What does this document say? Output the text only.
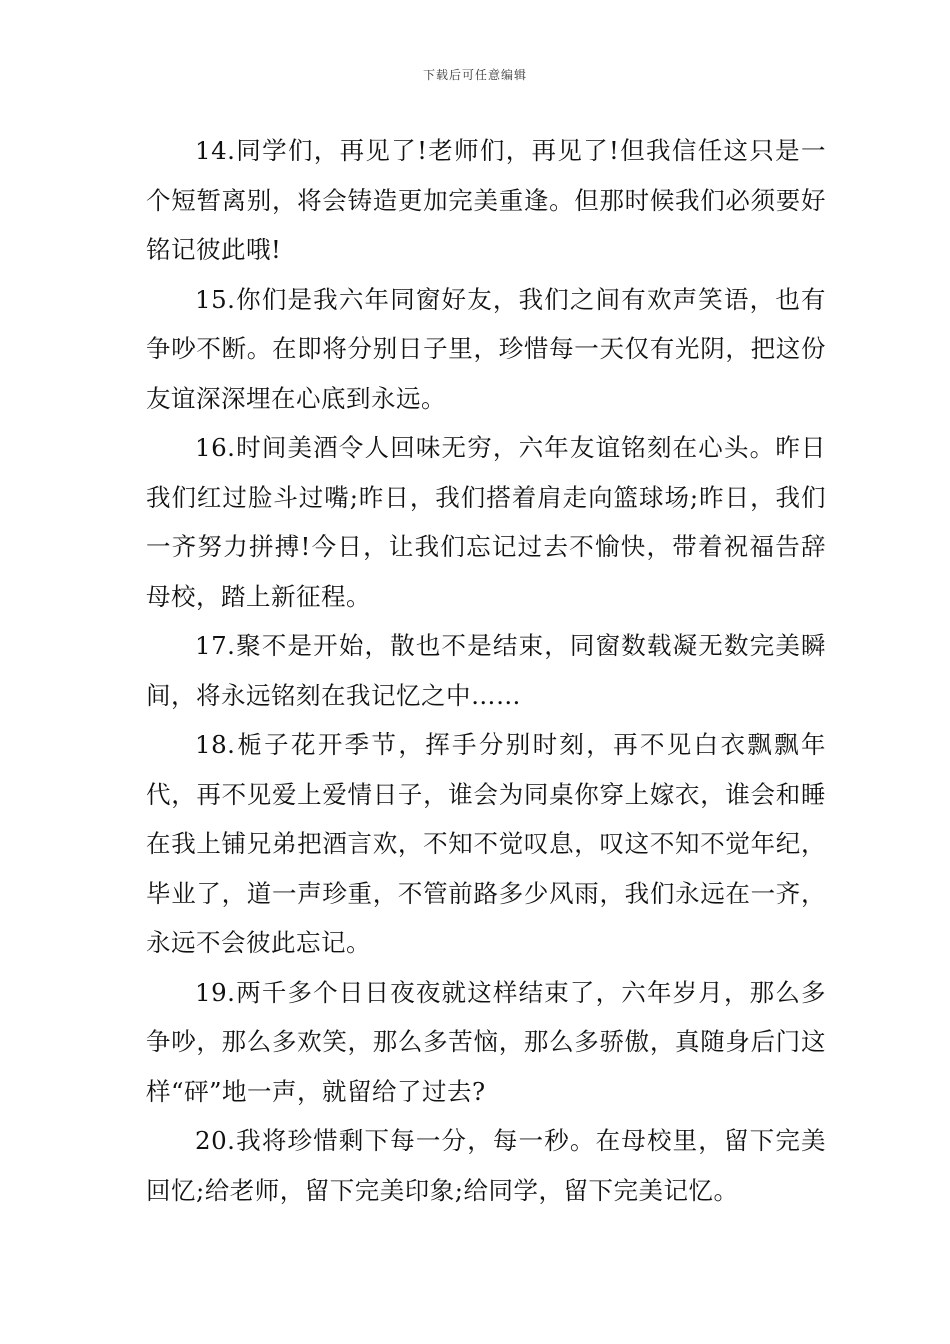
下载后可任意编辑

14.同学们，再见了!老师们，再见了!但我信任这只是一个短暂离别，将会铸造更加完美重逢。但那时候我们必须要好铭记彼此哦!

15.你们是我六年同窗好友，我们之间有欢声笑语，也有争吵不断。在即将分别日子里，珍惜每一天仅有光阴，把这份友谊深深埋在心底到永远。

16.时间美酒令人回味无穷，六年友谊铭刻在心头。昨日我们红过脸斗过嘴;昨日，我们搭着肩走向篮球场;昨日，我们一齐努力拼搏!今日，让我们忘记过去不愉快，带着祝福告辞母校，踏上新征程。

17.聚不是开始，散也不是结束，同窗数载凝无数完美瞬间，将永远铭刻在我记忆之中……

18.栀子花开季节，挥手分别时刻，再不见白衣飘飘年代，再不见爱上爱情日子，谁会为同桌你穿上嫁衣，谁会和睡在我上铺兄弟把酒言欢，不知不觉叹息，叹这不知不觉年纪，毕业了，道一声珍重，不管前路多少风雨，我们永远在一齐，永远不会彼此忘记。

19.两千多个日日夜夜就这样结束了，六年岁月，那么多争吵，那么多欢笑，那么多苦恼，那么多骄傲，真随身后门这样“砰”地一声，就留给了过去?

20.我将珍惜剩下每一分，每一秒。在母校里，留下完美回忆;给老师，留下完美印象;给同学，留下完美记忆。
